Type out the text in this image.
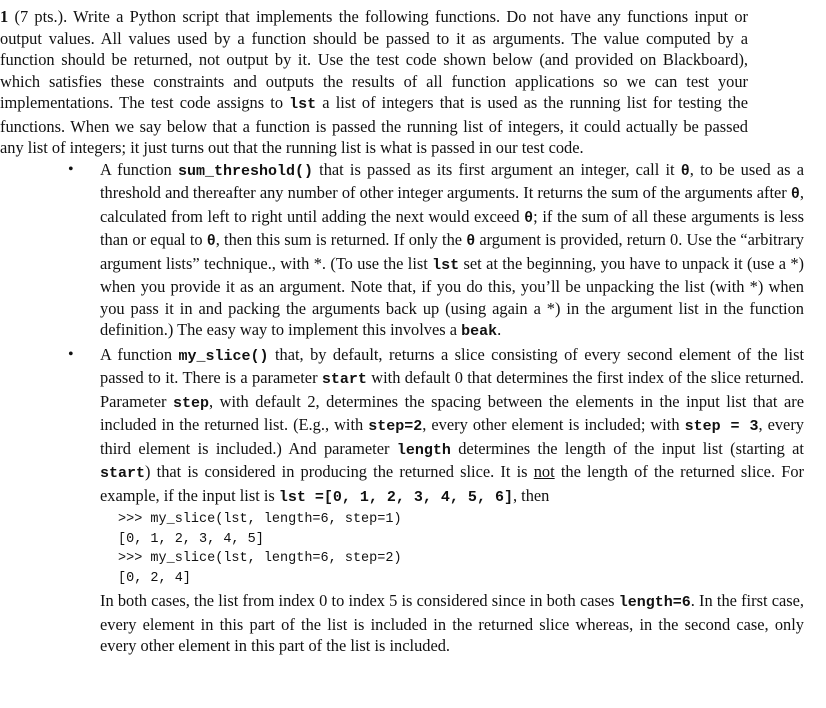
1 (7 pts.). Write a Python script that implements the following functions. Do not have any functions input or output values. All values used by a function should be passed to it as arguments. The value computed by a function should be returned, not output by it. Use the test code shown below (and provided on Blackboard), which satisfies these constraints and outputs the results of all function applications so we can test your implementations. The test code assigns to lst a list of integers that is used as the running list for testing the functions. When we say below that a function is passed the running list of integers, it could actually be passed any list of integers; it just turns out that the running list is what is passed in our test code.
• A function sum_threshold() that is passed as its first argument an integer, call it θ, to be used as a threshold and thereafter any number of other integer arguments. It returns the sum of the arguments after θ, calculated from left to right until adding the next would exceed θ; if the sum of all these arguments is less than or equal to θ, then this sum is returned. If only the θ argument is provided, return 0. Use the “arbitrary argument lists” technique., with *. (To use the list lst set at the beginning, you have to unpack it (use a *) when you provide it as an argument. Note that, if you do this, you’ll be unpacking the list (with *) when you pass it in and packing the arguments back up (using again a *) in the argument list in the function definition.) The easy way to implement this involves a beak.
• A function my_slice() that, by default, returns a slice consisting of every second element of the list passed to it. There is a parameter start with default 0 that determines the first index of the slice returned. Parameter step, with default 2, determines the spacing between the elements in the input list that are included in the returned list. (E.g., with step=2, every other element is included; with step = 3, every third element is included.) And parameter length determines the length of the input list (starting at start) that is considered in producing the returned slice. It is not the length of the returned slice. For example, if the input list is lst =[0, 1, 2, 3, 4, 5, 6], then
>>> my_slice(lst, length=6, step=1)
[0, 1, 2, 3, 4, 5]
>>> my_slice(lst, length=6, step=2)
[0, 2, 4]
In both cases, the list from index 0 to index 5 is considered since in both cases length=6. In the first case, every element in this part of the list is included in the returned slice whereas, in the second case, only every other element in this part of the list is included.
